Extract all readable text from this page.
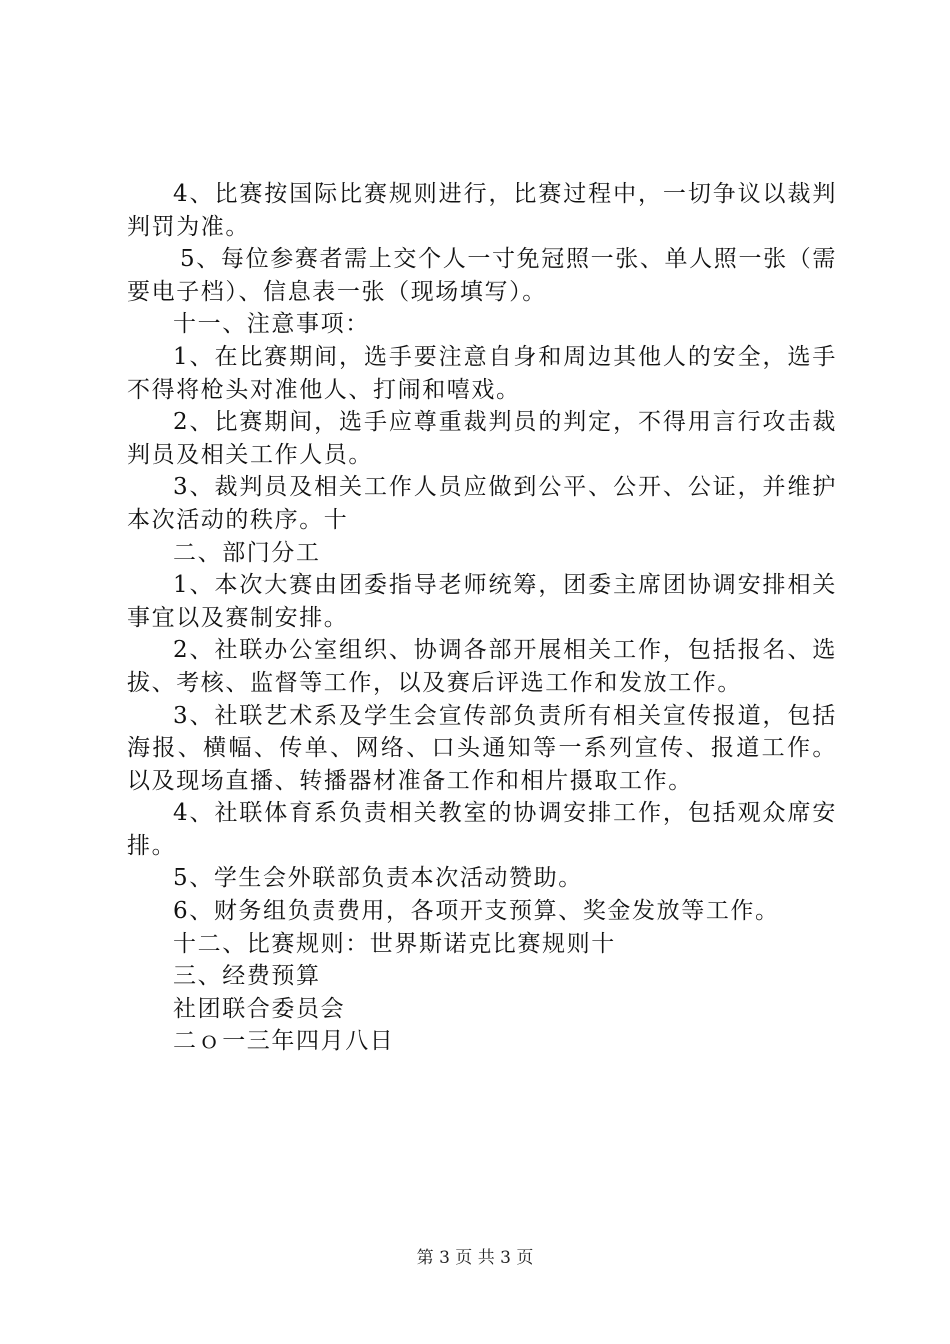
4、比赛按国际比赛规则进行，比赛过程中，一切争议以裁判判罚为准。

5、每位参赛者需上交个人一寸免冠照一张、单人照一张（需要电子档）、信息表一张（现场填写）。

十一、注意事项：

1、在比赛期间，选手要注意自身和周边其他人的安全，选手不得将枪头对准他人、打闹和嘻戏。

2、比赛期间，选手应尊重裁判员的判定，不得用言行攻击裁判员及相关工作人员。

3、裁判员及相关工作人员应做到公平、公开、公证，并维护本次活动的秩序。十

二、部门分工

1、本次大赛由团委指导老师统筹，团委主席团协调安排相关事宜以及赛制安排。

2、社联办公室组织、协调各部开展相关工作，包括报名、选拔、考核、监督等工作，以及赛后评选工作和发放工作。

3、社联艺术系及学生会宣传部负责所有相关宣传报道，包括海报、横幅、传单、网络、口头通知等一系列宣传、报道工作。以及现场直播、转播器材准备工作和相片摄取工作。

4、社联体育系负责相关教室的协调安排工作，包括观众席安排。

5、学生会外联部负责本次活动赞助。

6、财务组负责费用，各项开支预算、奖金发放等工作。

十二、比赛规则：世界斯诺克比赛规则十

三、经费预算

社团联合委员会

二ｏ一三年四月八日

第 3 页 共 3 页
